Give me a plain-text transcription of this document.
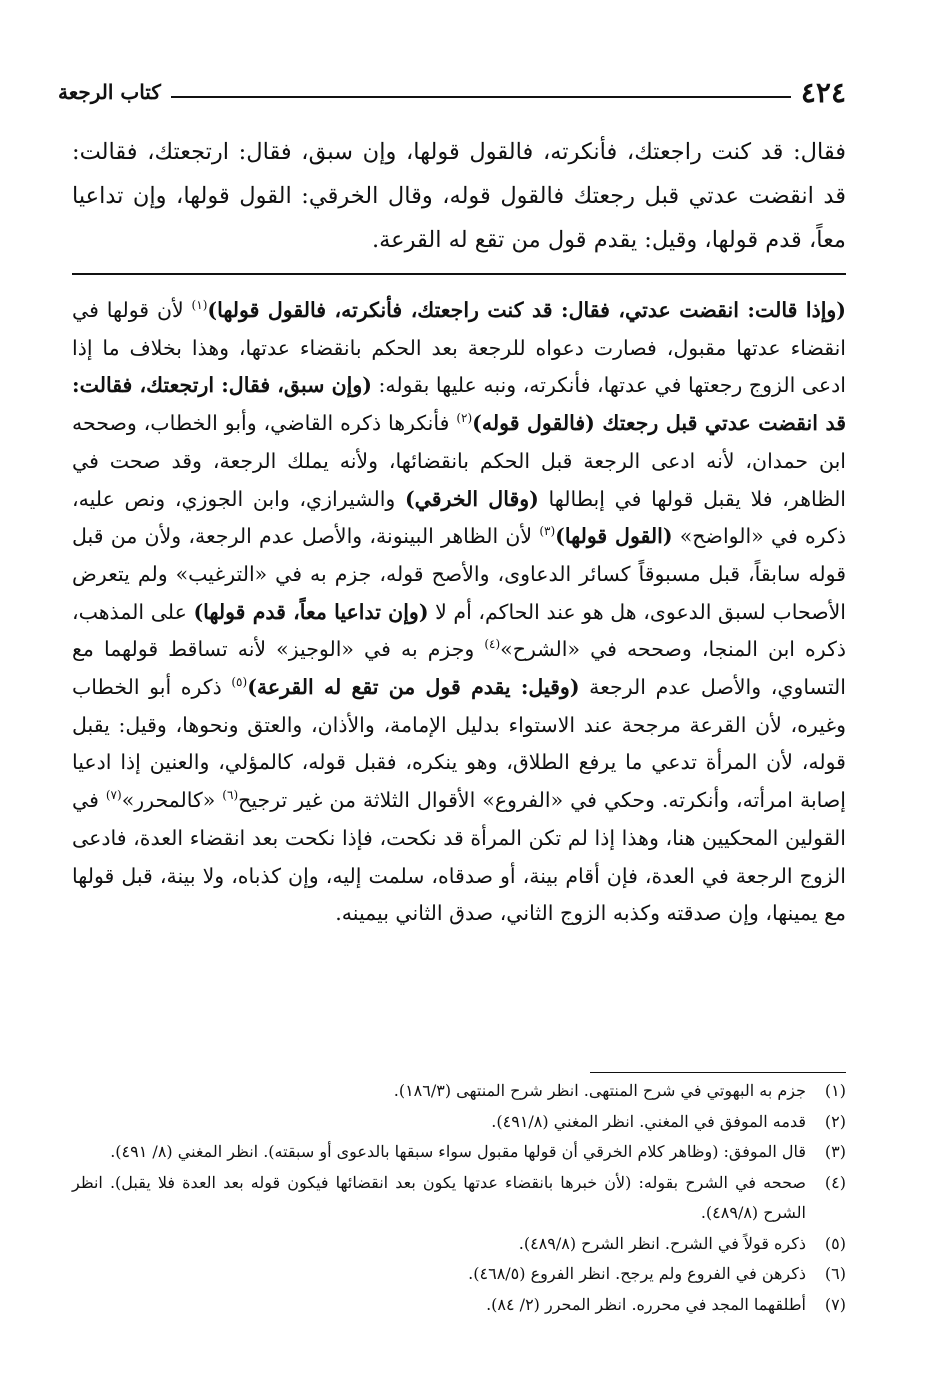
٤٢٤
كتاب الرجعة
فقال: قد كنت راجعتك، فأنكرته، فالقول قولها، وإن سبق، فقال: ارتجعتك، فقالت: قد انقضت عدتي قبل رجعتك فالقول قوله، وقال الخرقي: القول قولها، وإن تداعيا معاً، قدم قولها، وقيل: يقدم قول من تقع له القرعة.

(وإذا قالت: انقضت عدتي، فقال: قد كنت راجعتك، فأنكرته، فالقول قولها)$^{(١)}$ لأن قولها في انقضاء عدتها مقبول، فصارت دعواه للرجعة بعد الحكم بانقضاء عدتها، وهذا بخلاف ما إذا ادعى الزوج رجعتها في عدتها، فأنكرته، ونبه عليها بقوله: (وإن سبق، فقال: ارتجعتك، فقالت: قد انقضت عدتي قبل رجعتك (فالقول قوله)$^{(٢)}$ فأنكرها ذكره القاضي، وأبو الخطاب، وصححه ابن حمدان، لأنه ادعى الرجعة قبل الحكم بانقضائها، ولأنه يملك الرجعة، وقد صحت في الظاهر، فلا يقبل قولها في إبطالها (وقال الخرقي) والشيرازي، وابن الجوزي، ونص عليه، ذكره في «الواضح» (القول قولها)$^{(٣)}$ لأن الظاهر البينونة، والأصل عدم الرجعة، ولأن من قبل قوله سابقاً، قبل مسبوقاً كسائر الدعاوى، والأصح قوله، جزم به في «الترغيب» ولم يتعرض الأصحاب لسبق الدعوى، هل هو عند الحاكم، أم لا (وإن تداعيا معاً، قدم قولها) على المذهب، ذكره ابن المنجا، وصححه في «الشرح»$^{(٤)}$ وجزم به في «الوجيز» لأنه تساقط قولهما مع التساوي، والأصل عدم الرجعة (وقيل: يقدم قول من تقع له القرعة)$^{(٥)}$ ذكره أبو الخطاب وغيره، لأن القرعة مرجحة عند الاستواء بدليل الإمامة، والأذان، والعتق ونحوها، وقيل: يقبل قوله، لأن المرأة تدعي ما يرفع الطلاق، وهو ينكره، فقبل قوله، كالمؤلي، والعنين إذا ادعيا إصابة امرأته، وأنكرته. وحكي في «الفروع» الأقوال الثلاثة من غير ترجيح$^{(٦)}$ «كالمحرر»$^{(٧)}$ في القولين المحكيين هنا، وهذا إذا لم تكن المرأة قد نكحت، فإذا نكحت بعد انقضاء العدة، فادعى الزوج الرجعة في العدة، فإن أقام بينة، أو صدقاه، سلمت إليه، وإن كذباه، ولا بينة، قبل قولها مع يمينها، وإن صدقته وكذبه الزوج الثاني، صدق الثاني بيمينه.

(١)
جزم به البهوتي في شرح المنتهى. انظر شرح المنتهى (١٨٦/٣).
(٢)
قدمه الموفق في المغني. انظر المغني (٤٩١/٨).
(٣)
قال الموفق: (وظاهر كلام الخرقي أن قولها مقبول سواء سبقها بالدعوى أو سبقته). انظر المغني (٨/ ٤٩١).
(٤)
صححه في الشرح بقوله: (لأن خبرها بانقضاء عدتها يكون بعد انقضائها فيكون قوله بعد العدة فلا يقبل). انظر الشرح (٤٨٩/٨).
(٥)
ذكره قولاً في الشرح. انظر الشرح (٤٨٩/٨).
(٦)
ذكرهن في الفروع ولم يرجح. انظر الفروع (٤٦٨/٥).
(٧)
أطلقهما المجد في محرره. انظر المحرر (٢/ ٨٤).
